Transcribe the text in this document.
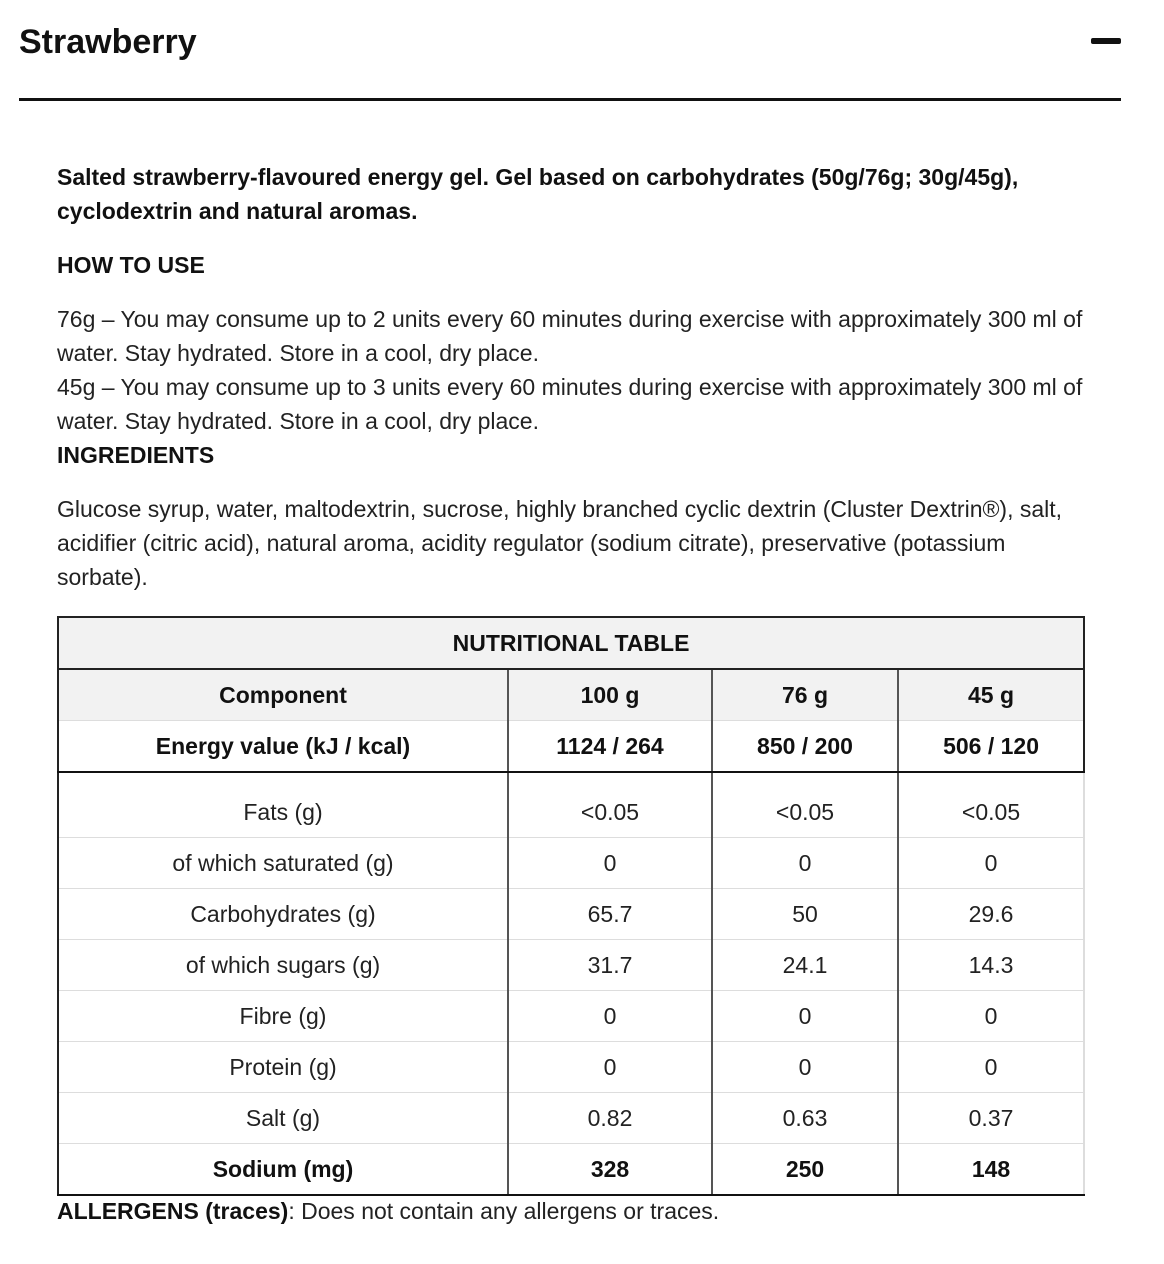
Strawberry

Salted strawberry-flavoured energy gel. Gel based on carbohydrates (50g/76g; 30g/45g), cyclodextrin and natural aromas.

HOW TO USE

76g – You may consume up to 2 units every 60 minutes during exercise with approximately 300 ml of water. Stay hydrated. Store in a cool, dry place.

45g – You may consume up to 3 units every 60 minutes during exercise with approximately 300 ml of water. Stay hydrated. Store in a cool, dry place.

INGREDIENTS

Glucose syrup, water, maltodextrin, sucrose, highly branched cyclic dextrin (Cluster Dextrin®), salt, acidifier (citric acid), natural aroma, acidity regulator (sodium citrate), preservative (potassium sorbate).

NUTRITIONAL TABLE			
Component	100 g	76 g	45 g
Energy value (kJ / kcal)	1124 / 264	850 / 200	506 / 120

Fats (g)	<0.05	<0.05	<0.05
of which saturated (g)	0	0	0
Carbohydrates (g)	65.7	50	29.6
of which sugars (g)	31.7	24.1	14.3
Fibre (g)	0	0	0
Protein (g)	0	0	0
Salt (g)	0.82	0.63	0.37
Sodium (mg)	328	250	148

ALLERGENS (traces): Does not contain any allergens or traces.
